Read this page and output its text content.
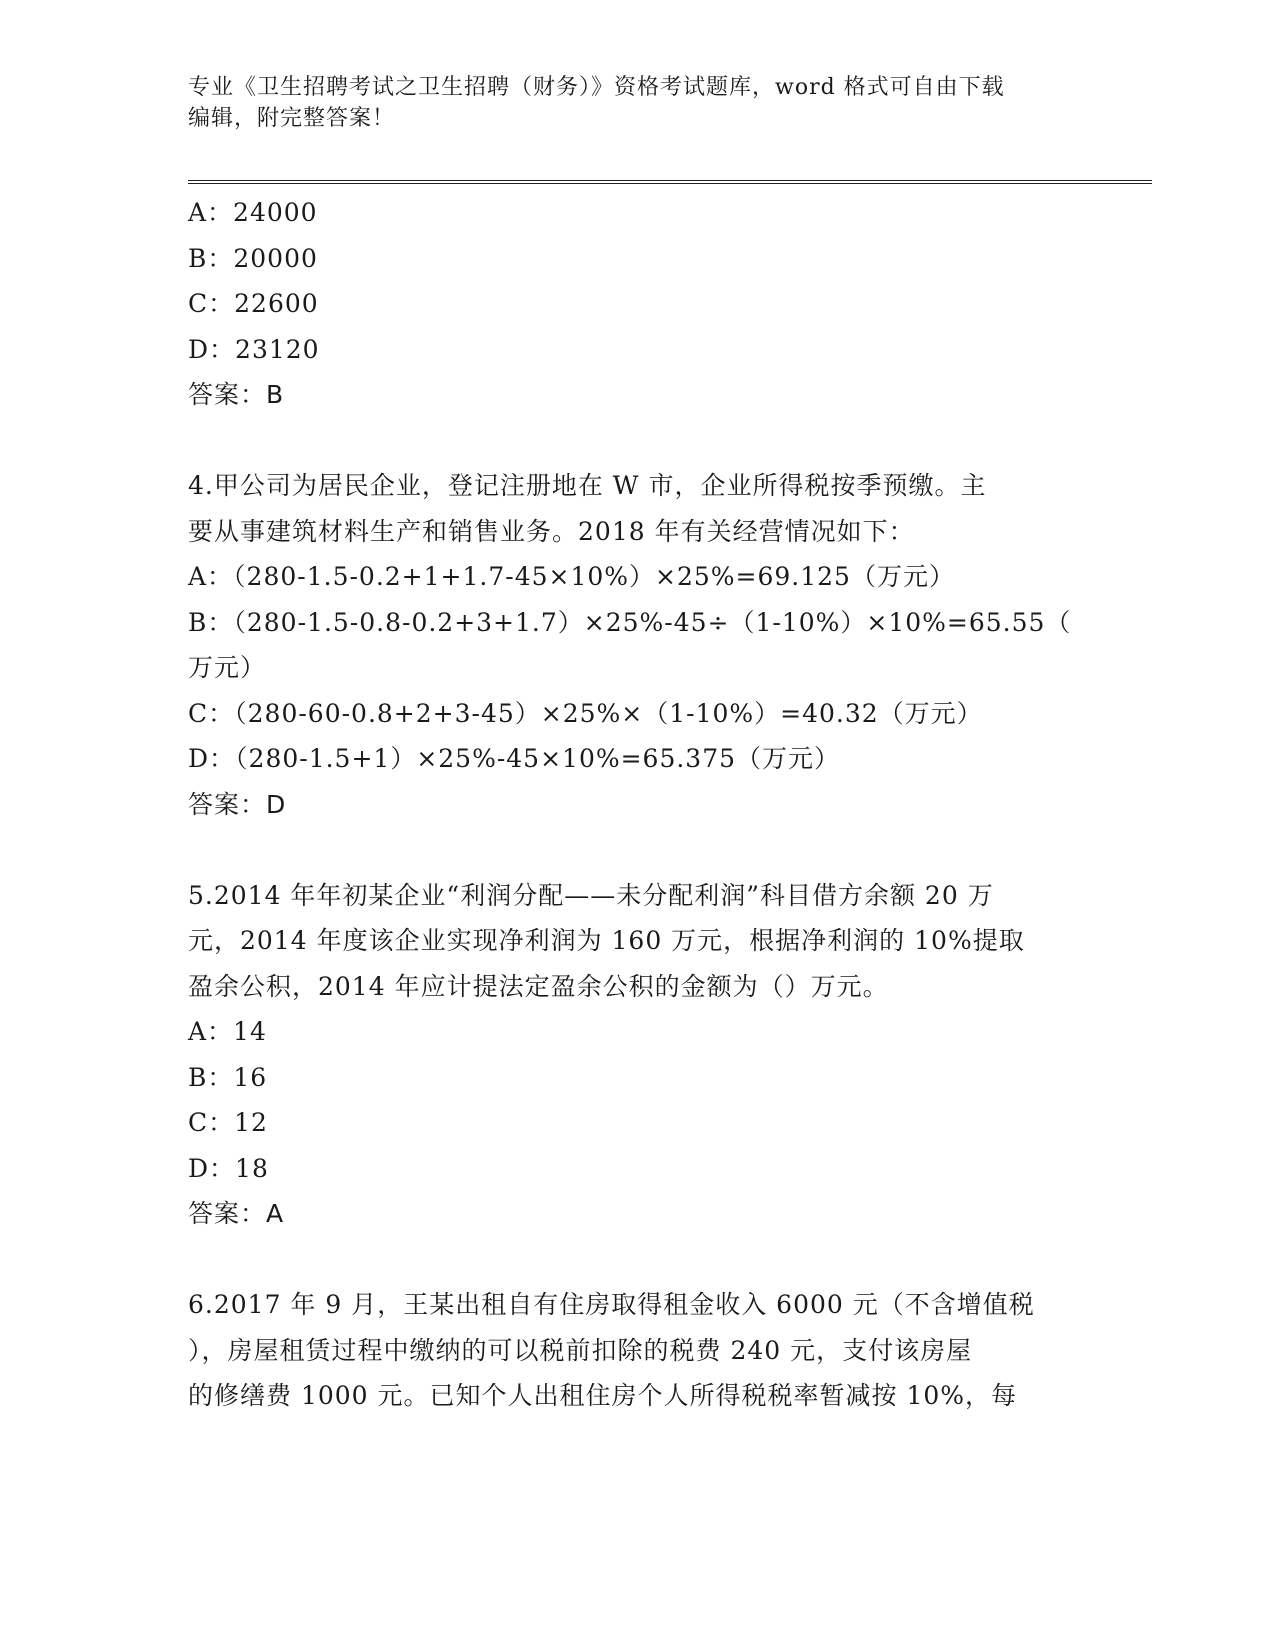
专业《卫生招聘考试之卫生招聘（财务）》资格考试题库，word 格式可自由下载
编辑，附完整答案！
A：24000
B：20000
C：22600
D：23120
答案：B
4.甲公司为居民企业，登记注册地在 W 市，企业所得税按季预缴。主
要从事建筑材料生产和销售业务。2018 年有关经营情况如下：
A：（280-1.5-0.2+1+1.7-45×10%）×25%=69.125（万元）
B：（280-1.5-0.8-0.2+3+1.7）×25%-45÷（1-10%）×10%=65.55（
万元）
C：（280-60-0.8+2+3-45）×25%×（1-10%）=40.32（万元）
D：（280-1.5+1）×25%-45×10%=65.375（万元）
答案：D
5.2014 年年初某企业“利润分配——未分配利润”科目借方余额 20 万
元，2014 年度该企业实现净利润为 160 万元，根据净利润的 10%提取
盈余公积，2014 年应计提法定盈余公积的金额为（）万元。
A：14
B：16
C：12
D：18
答案：A
6.2017 年 9 月，王某出租自有住房取得租金收入 6000 元（不含增值税
），房屋租赁过程中缴纳的可以税前扣除的税费 240 元，支付该房屋
的修缮费 1000 元。已知个人出租住房个人所得税税率暂减按 10%，每
